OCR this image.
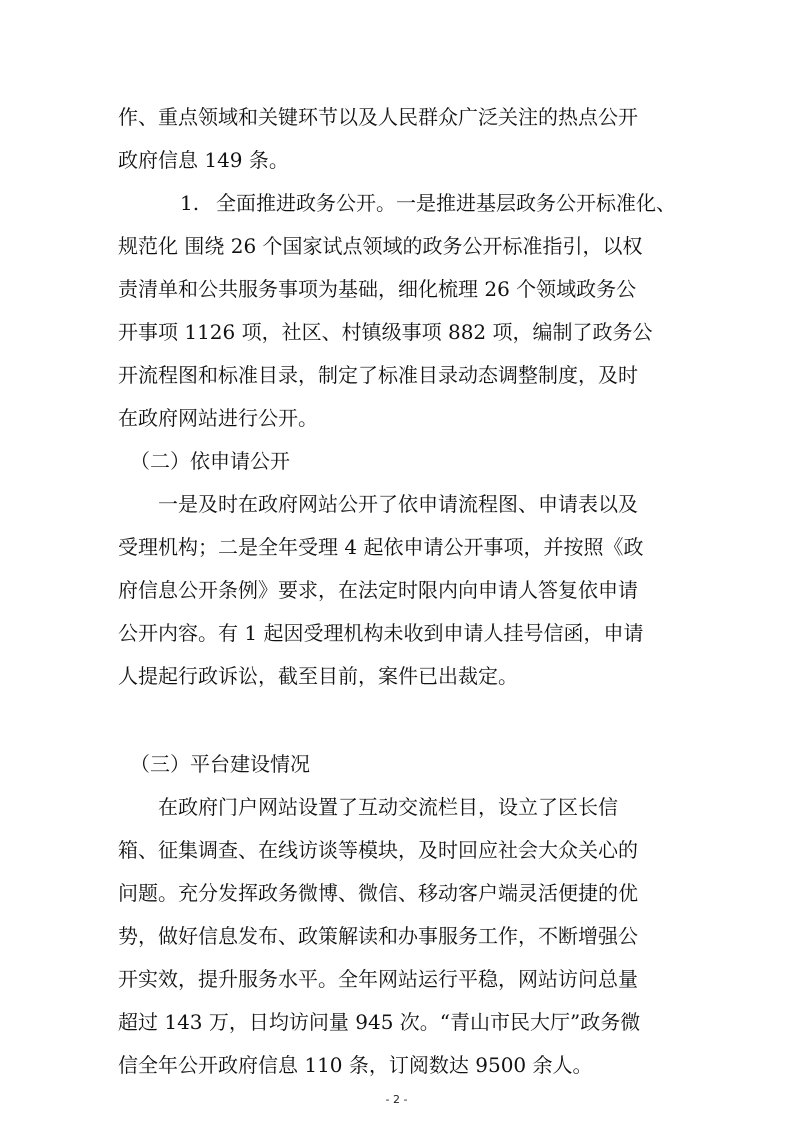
作、重点领域和关键环节以及人民群众广泛关注的热点公开
政府信息 149 条。
1. 全面推进政务公开。一是推进基层政务公开标准化、
规范化 围绕 26 个国家试点领域的政务公开标准指引，以权
责清单和公共服务事项为基础，细化梳理 26 个领域政务公
开事项 1126 项，社区、村镇级事项 882 项，编制了政务公
开流程图和标准目录，制定了标准目录动态调整制度，及时
在政府网站进行公开。
（二）依申请公开
一是及时在政府网站公开了依申请流程图、申请表以及
受理机构；二是全年受理 4 起依申请公开事项，并按照《政
府信息公开条例》要求，在法定时限内向申请人答复依申请
公开内容。有 1 起因受理机构未收到申请人挂号信函，申请
人提起行政诉讼，截至目前，案件已出裁定。
（三）平台建设情况
在政府门户网站设置了互动交流栏目，设立了区长信
箱、征集调查、在线访谈等模块，及时回应社会大众关心的
问题。充分发挥政务微博、微信、移动客户端灵活便捷的优
势，做好信息发布、政策解读和办事服务工作，不断增强公
开实效，提升服务水平。全年网站运行平稳，网站访问总量
超过 143 万，日均访问量 945 次。“青山市民大厅”政务微
信全年公开政府信息 110 条，订阅数达 9500 余人。
- 2 -
